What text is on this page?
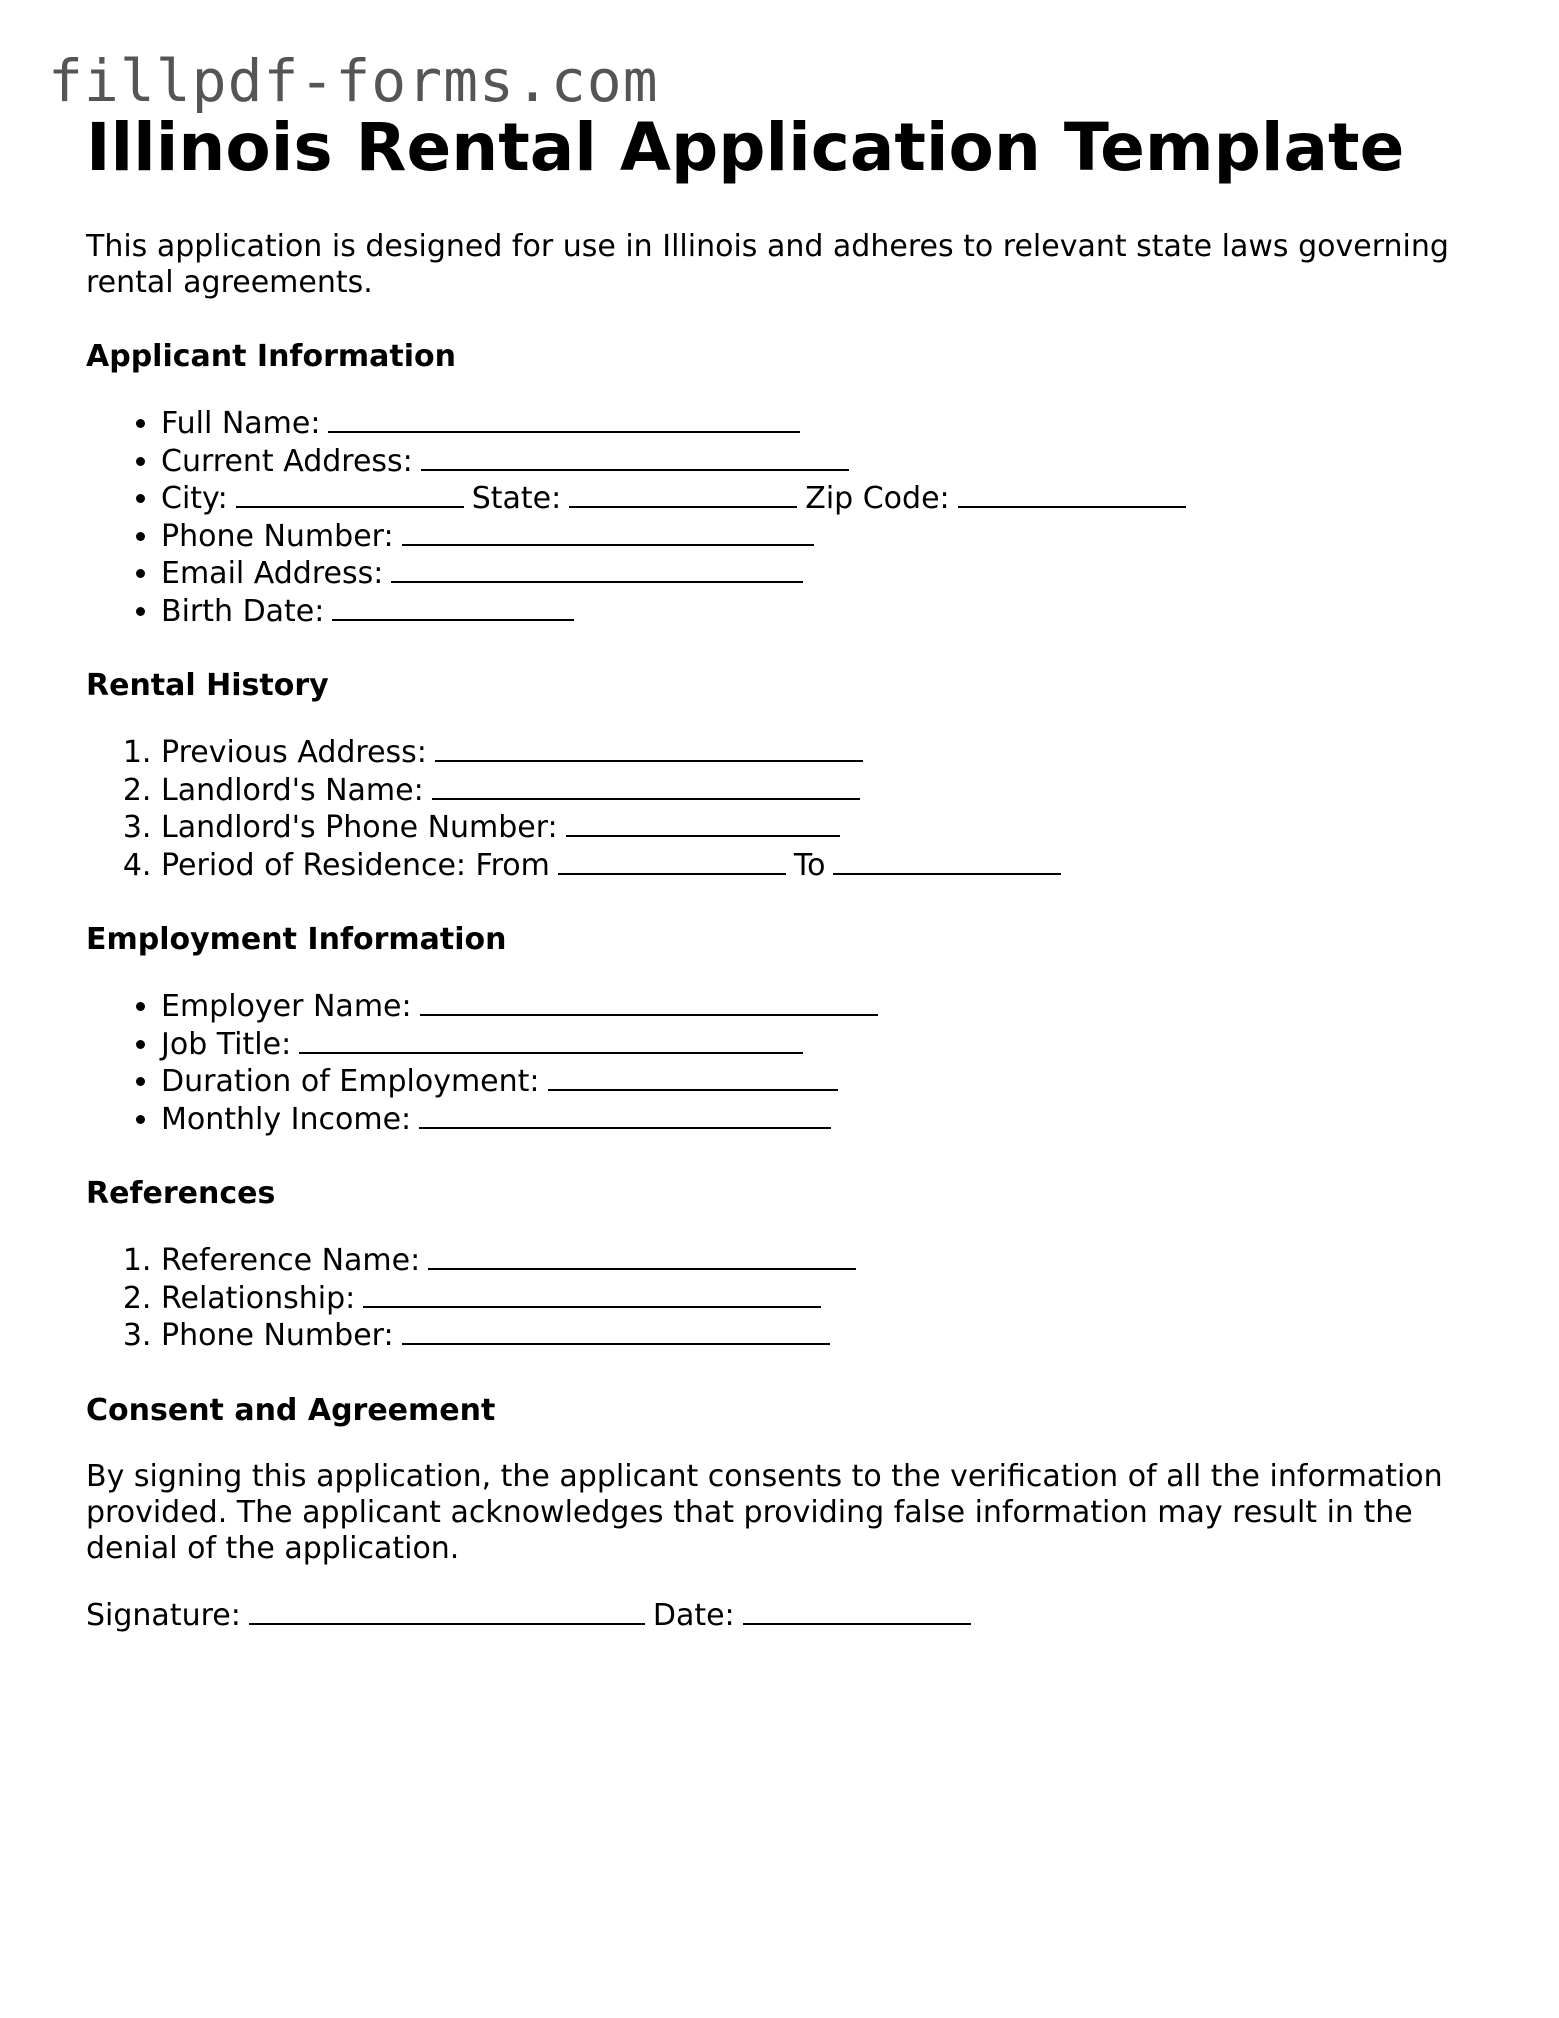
fillpdf-forms.com
Illinois Rental Application Template

This application is designed for use in Illinois and adheres to relevant state laws governing rental agreements.

Applicant Information
• Full Name:
• Current Address:
• City:	State:	Zip Code:
• Phone Number:
• Email Address:
• Birth Date:
Rental History
1. Previous Address:
2. Landlord's Name:
3. Landlord's Phone Number:
4. Period of Residence: From	To
Employment Information
• Employer Name:
• Job Title:
• Duration of Employment:
• Monthly Income:
References
1. Reference Name:
2. Relationship:
3. Phone Number:
Consent and Agreement

By signing this application, the applicant consents to the verification of all the information provided. The applicant acknowledges that providing false information may result in the denial of the application.

Signature:	Date:
